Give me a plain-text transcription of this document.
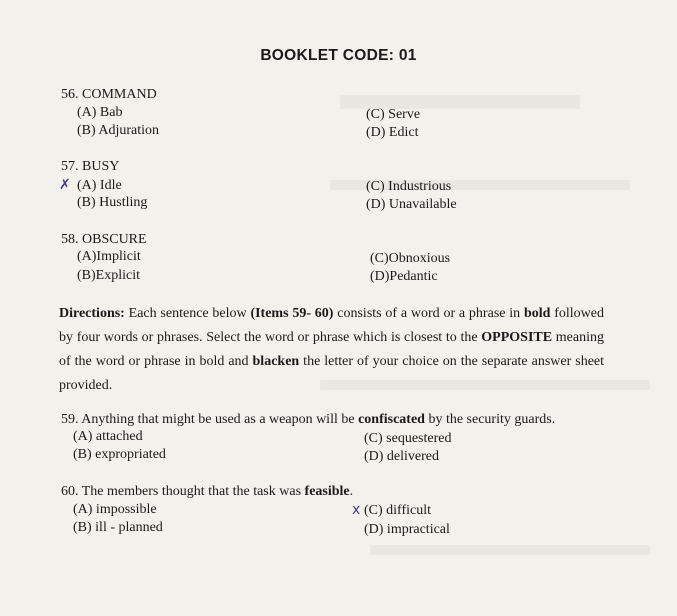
BOOKLET CODE: 01
56. COMMAND
(A) Bab
(B) Adjuration
(C) Serve
(D) Edict
57. BUSY
✗ (A) Idle
(B) Hustling
(C) Industrious
(D) Unavailable
58. OBSCURE
(A)Implicit
(B)Explicit
(C)Obnoxious
(D)Pedantic
Directions: Each sentence below (Items 59- 60) consists of a word or a phrase in bold followed by four words or phrases. Select the word or phrase which is closest to the OPPOSITE meaning of the word or phrase in bold and blacken the letter of your choice on the separate answer sheet provided.
59. Anything that might be used as a weapon will be confiscated by the security guards.
(A) attached
(B) expropriated
(C) sequestered
(D) delivered
60. The members thought that the task was feasible.
(A) impossible
(B) ill - planned
x (C) difficult
(D) impractical
